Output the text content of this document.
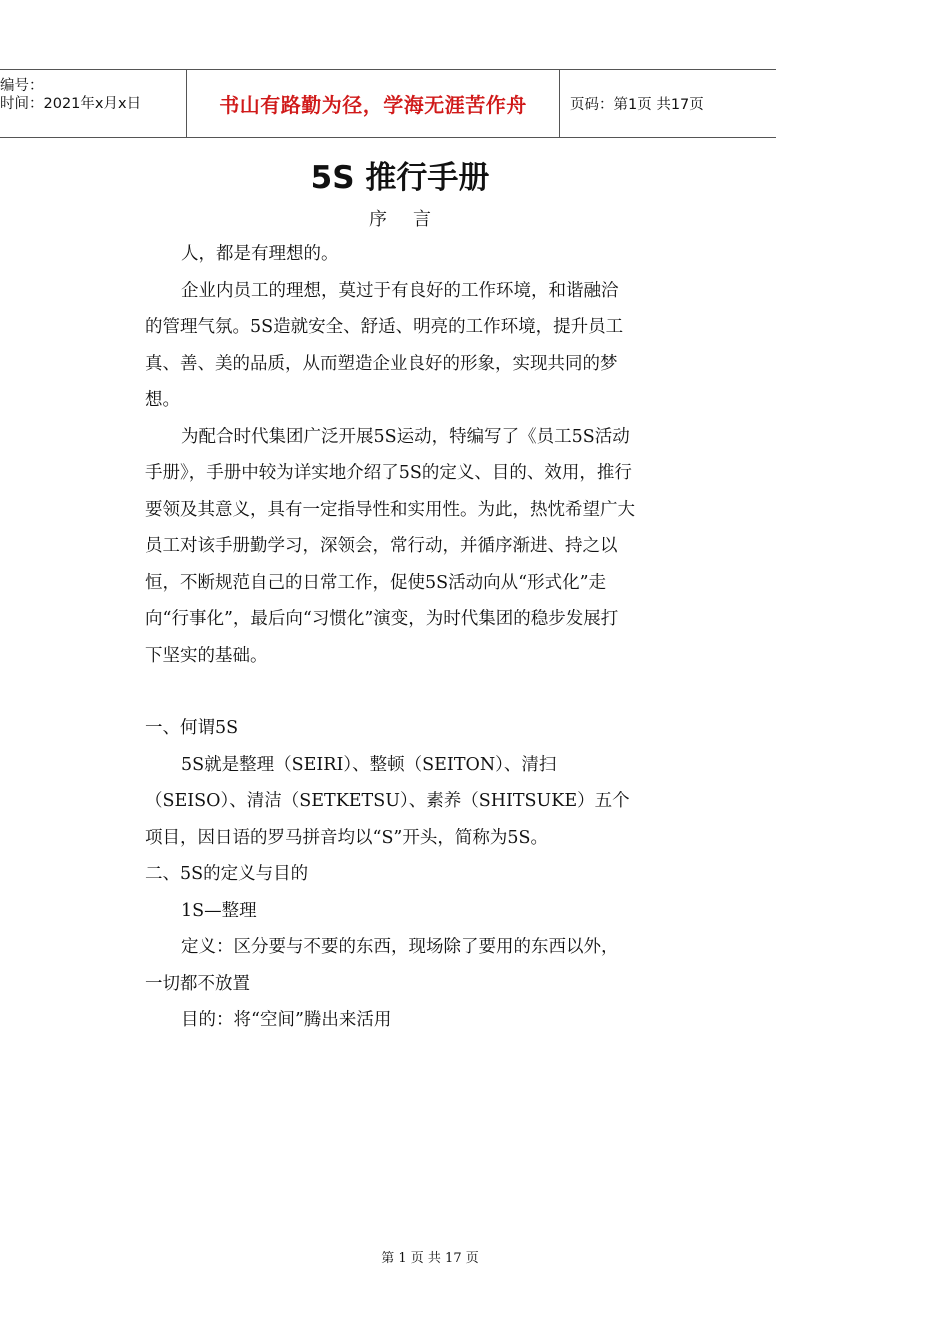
编号：
时间：2021年x月x日	书山有路勤为径，学海无涯苦作舟	页码：第1页 共17页
5S 推行手册
序言

人，都是有理想的。

企业内员工的理想，莫过于有良好的工作环境，和谐融洽的管理气氛。5S造就安全、舒适、明亮的工作环境，提升员工真、善、美的品质，从而塑造企业良好的形象，实现共同的梦想。

为配合时代集团广泛开展5S运动，特编写了《员工5S活动手册》，手册中较为详实地介绍了5S的定义、目的、效用，推行要领及其意义，具有一定指导性和实用性。为此，热忱希望广大员工对该手册勤学习，深领会，常行动，并循序渐进、持之以恒，不断规范自己的日常工作，促使5S活动向从“形式化”走向“行事化”，最后向“习惯化”演变，为时代集团的稳步发展打下坚实的基础。

一、何谓5S

5S就是整理（SEIRI）、整顿（SEITON）、清扫（SEISO）、清洁（SETKETSU）、素养（SHITSUKE）五个项目，因日语的罗马拼音均以“S”开头，简称为5S。

二、5S的定义与目的

1S—整理

定义：区分要与不要的东西，现场除了要用的东西以外，一切都不放置

目的：将“空间”腾出来活用

第 1 页 共 17 页
